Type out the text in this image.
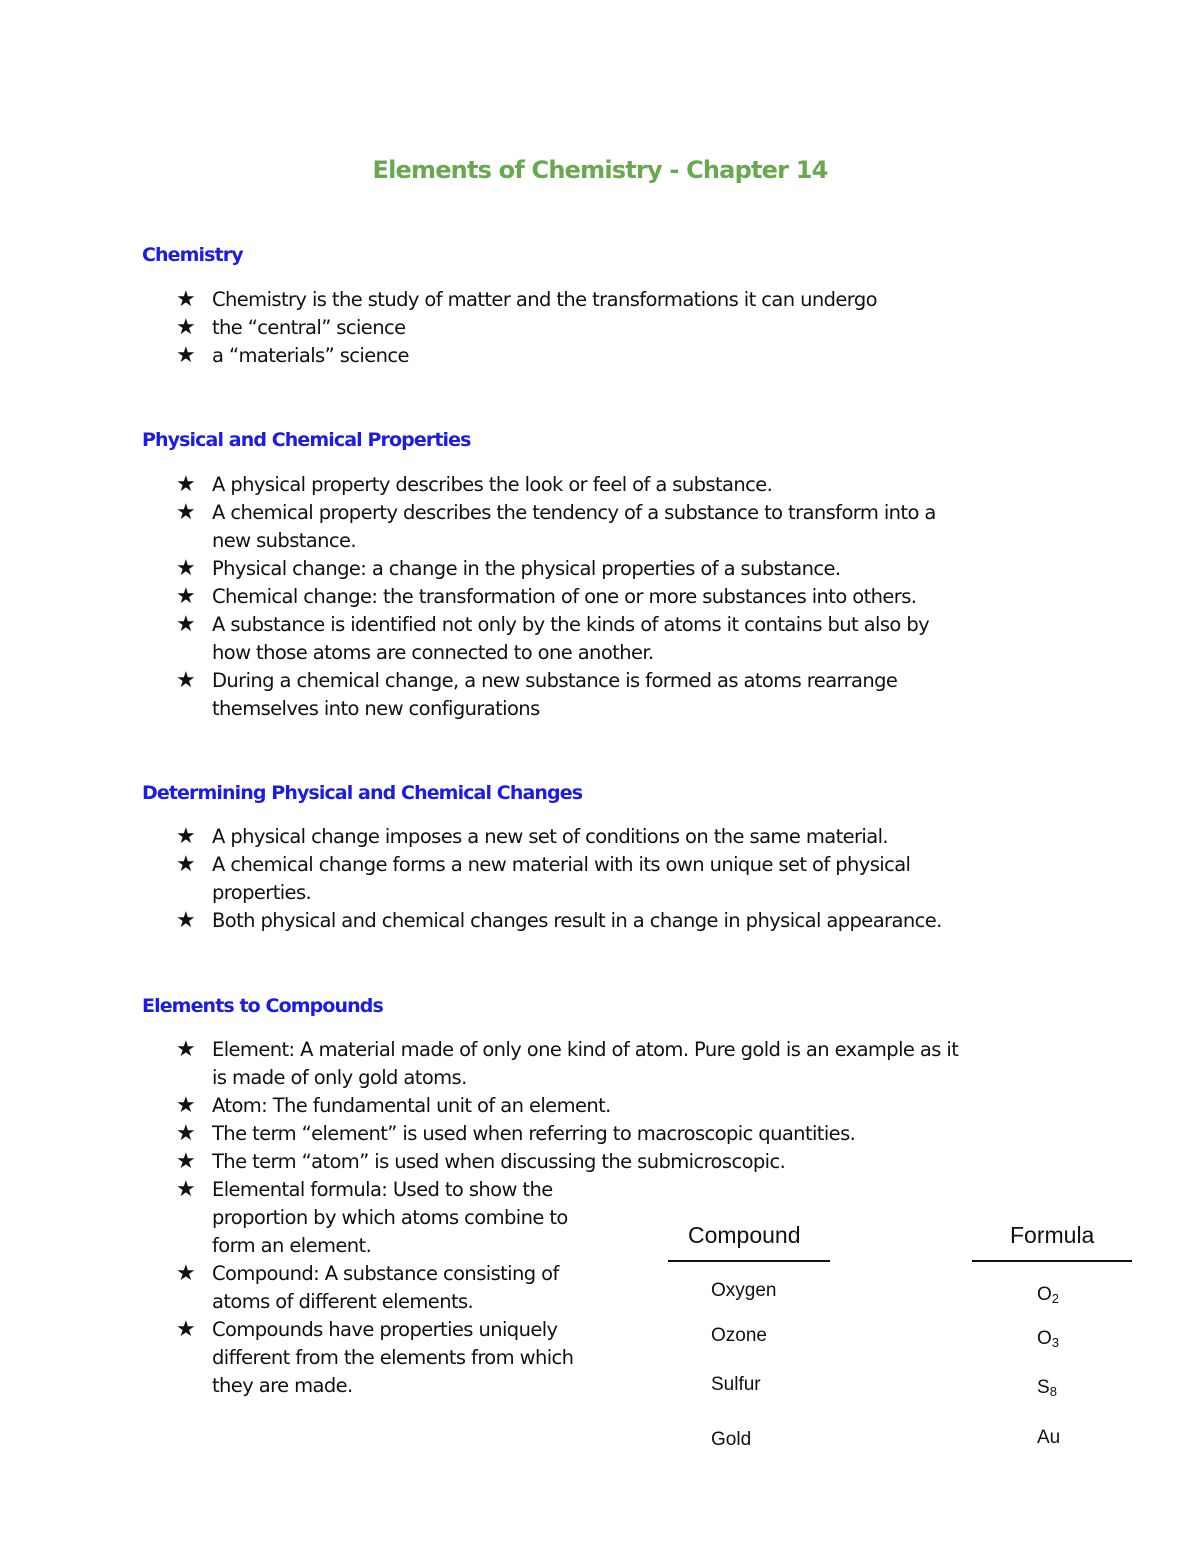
Elements of Chemistry - Chapter 14
Chemistry
★ Chemistry is the study of matter and the transformations it can undergo
★ the “central” science
★ a “materials” science
Physical and Chemical Properties
★ A physical property describes the look or feel of a substance.
★ A chemical property describes the tendency of a substance to transform into a
new substance.
★ Physical change: a change in the physical properties of a substance.
★ Chemical change: the transformation of one or more substances into others.
★ A substance is identified not only by the kinds of atoms it contains but also by
how those atoms are connected to one another.
★ During a chemical change, a new substance is formed as atoms rearrange
themselves into new configurations
Determining Physical and Chemical Changes
★ A physical change imposes a new set of conditions on the same material.
★ A chemical change forms a new material with its own unique set of physical
properties.
★ Both physical and chemical changes result in a change in physical appearance.
Elements to Compounds
★ Element: A material made of only one kind of atom. Pure gold is an example as it
is made of only gold atoms.
★ Atom: The fundamental unit of an element.
★ The term “element” is used when referring to macroscopic quantities.
★ The term “atom” is used when discussing the submicroscopic.
★ Elemental formula: Used to show the
proportion by which atoms combine to
form an element.
★ Compound: A substance consisting of
atoms of different elements.
★ Compounds have properties uniquely
different from the elements from which
they are made.
Compound	Formula
Oxygen	$O_2$
Ozone	$O_3$
Sulfur	$S_8$
Gold	Au
